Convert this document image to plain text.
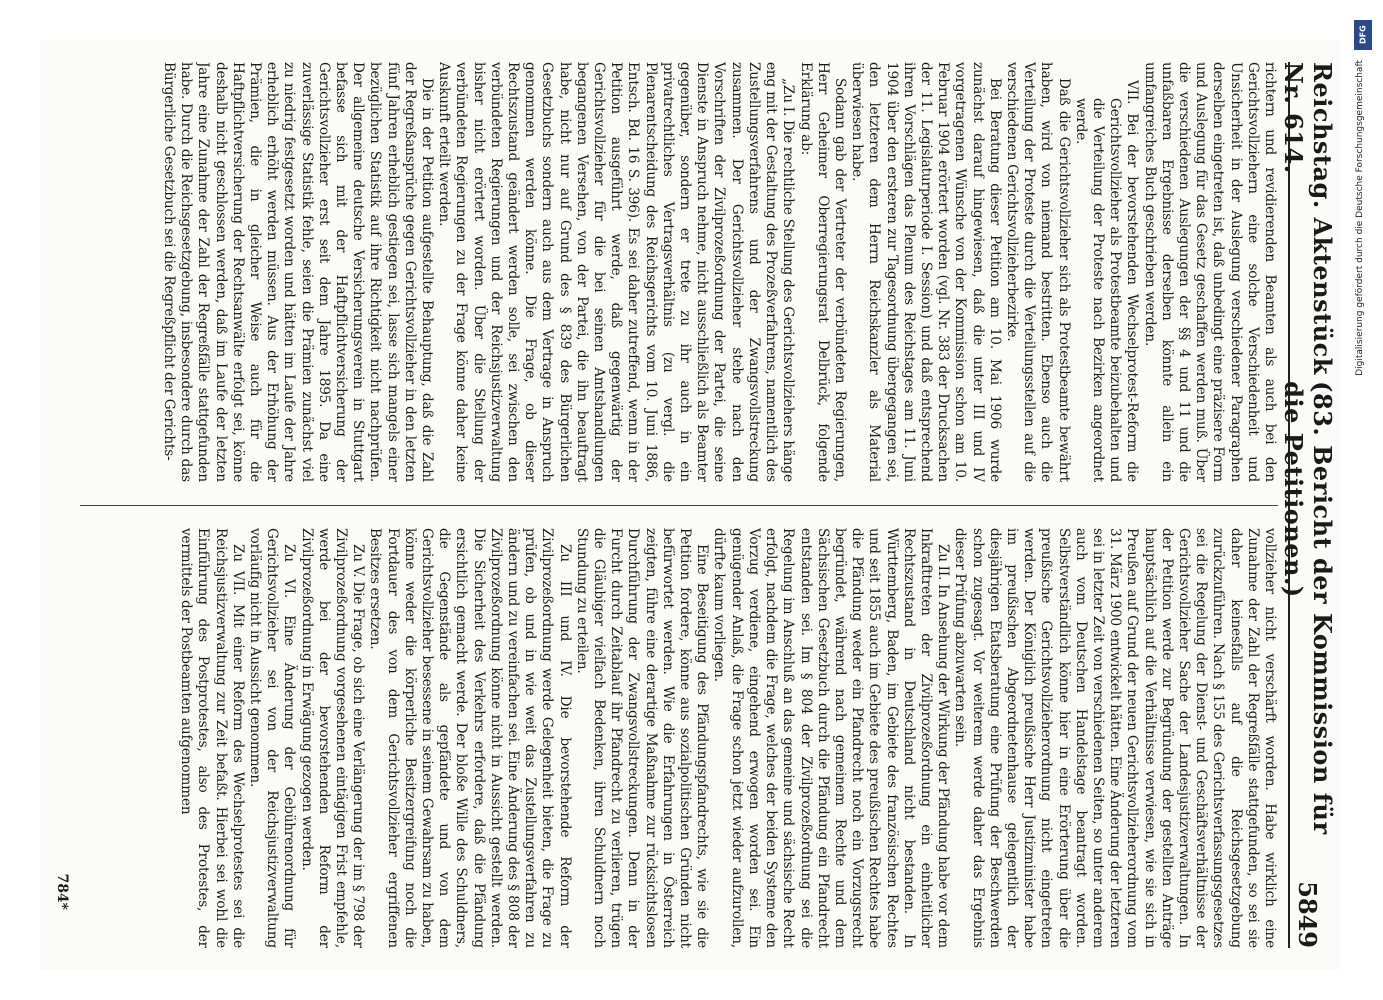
Reichstag. Aktenstück Nr. 614.
(83. Bericht der Kommission für die Petitionen.)
5849

richtern und revidierenden Beamten als auch bei den Gerichtsvollziehern eine solche Verschiedenheit und Unsicherheit in der Auslegung verschiedener Paragraphen derselben eingetreten ist, daß unbedingt eine präzisere Form und Auslegung für das Gesetz geschaffen werden muß. Über die verschiedenen Auslegungen der §§ 4 und 11 und die unfaßbaren Ergebnisse derselben könnte allein ein umfangreiches Buch geschrieben werden.

VII. Bei der bevorstehenden Wechselprotest-Reform die Gerichtsvollzieher als Protestbeamte beizubehalten und die Verteilung der Proteste nach Bezirken angeordnet werde.

Daß die Gerichtsvollzieher sich als Protestbeamte bewährt haben, wird von niemand bestritten. Ebenso auch die Verteilung der Proteste durch die Verteilungsstellen auf die verschiedenen Gerichtsvollzieherbezirke.

Bei Beratung dieser Petition am 10. Mai 1906 wurde zunächst darauf hingewiesen, daß die unter III und IV vorgetragenen Wünsche von der Kommission schon am 10. Februar 1904 erörtert worden (vgl. Nr. 383 der Drucksachen der 11. Legislaturperiode I. Session) und daß entsprechend ihren Vorschlägen das Plenum des Reichstages am 11. Juni 1904 über den ersteren zur Tagesordnung übergegangen sei, den letzteren dem Herrn Reichskanzler als Material überwiesen habe.

Sodann gab der Vertreter der verbündeten Regierungen, Herr Geheimer Oberregierungsrat Delbrück, folgende Erklärung ab:

„Zu I. Die rechtliche Stellung des Gerichtsvollziehers hänge eng mit der Gestaltung des Prozeßverfahrens, namentlich des Zustellungsverfahrens und der Zwangsvollstreckung zusammen. Der Gerichtsvollzieher stehe nach den Vorschriften der Zivilprozeßordnung der Partei, die seine Dienste in Anspruch nehme, nicht ausschließlich als Beamter gegenüber, sondern er trete zu ihr auch in ein privatrechtliches Vertragsverhältnis (zu vergl. die Plenarentscheidung des Reichsgerichts vom 10. Juni 1886, Entsch. Bd. 16 S. 396). Es sei daher zutreffend, wenn in der Petition ausgeführt werde, daß gegenwärtig der Gerichtsvollzieher für die bei seinen Amtshandlungen begangenen Versehen, von der Partei, die ihn beauftragt habe, nicht nur auf Grund des § 839 des Bürgerlichen Gesetzbuchs sondern auch aus dem Vertrage in Anspruch genommen werden könne. Die Frage, ob dieser Rechtszustand geändert werden solle, sei zwischen den verbündeten Regierungen und der Reichsjustizverwaltung bisher nicht erörtert worden. Über die Stellung der verbündeten Regierungen zu der Frage könne daher keine Auskunft erteilt werden.

Die in der Petition aufgestellte Behauptung, daß die Zahl der Regreßansprüche gegen Gerichtsvollzieher in den letzten fünf Jahren erheblich gestiegen sei, lasse sich mangels einer bezüglichen Statistik auf ihre Richtigkeit nicht nachprüfen. Der allgemeine deutsche Versicherungsverein in Stuttgart befasse sich mit der Haftpflichtversicherung der Gerichtsvollzieher erst seit dem Jahre 1895. Da eine zuverlässige Statistik fehle, seien die Prämien zunächst viel zu niedrig festgesetzt worden und hätten im Laufe der Jahre erheblich erhöht werden müssen. Aus der Erhöhung der Prämien, die in gleicher Weise auch für die Haftpflichtversicherung der Rechtsanwälte erfolgt sei, könne deshalb nicht geschlossen werden, daß im Laufe der letzten Jahre eine Zunahme der Zahl der Regreßfälle stattgefunden habe. Durch die Reichsgesetzgebung, insbesondere durch das Bürgerliche Gesetzbuch sei die Regreßpflicht der Gerichts-

vollzieher nicht verschärft worden. Habe wirklich eine Zunahme der Zahl der Regreßfälle stattgefunden, so sei sie daher keinesfalls auf die Reichsgesetzgebung zurückzuführen. Nach § 155 des Gerichtsverfassungsgesetzes sei die Regelung der Dienst- und Geschäftsverhältnisse der Gerichtsvollzieher Sache der Landesjustizverwaltungen. In der Petition werde zur Begründung der gestellten Anträge hauptsächlich auf die Verhältnisse verwiesen, wie sie sich in Preußen auf Grund der neuen Gerichtsvollzieherordnung vom 31. März 1900 entwickelt hätten. Eine Änderung der letzteren sei in letzter Zeit von verschiedenen Seiten, so unter anderem auch vom Deutschen Handelstage beantragt worden. Selbstverständlich könne hier in eine Erörterung über die preußische Gerichtsvollzieherordnung nicht eingetreten werden. Der Königlich preußische Herr Justizminister habe im preußischen Abgeordnetenhause gelegentlich der diesjährigen Etatsberatung eine Prüfung der Beschwerden schon zugesagt. Vor weiterem werde daher das Ergebnis dieser Prüfung abzuwarten sein.

Zu II. In Ansehung der Wirkung der Pfändung habe vor dem Inkrafttreten der Zivilprozeßordnung ein einheitlicher Rechtszustand in Deutschland nicht bestanden. In Württemberg, Baden, im Gebiete des französischen Rechtes und seit 1855 auch im Gebiete des preußischen Rechtes habe die Pfändung weder ein Pfandrecht noch ein Vorzugsrecht begründet, während nach gemeinem Rechte und dem Sächsischen Gesetzbuch durch die Pfändung ein Pfandrecht entstanden sei. Im § 804 der Zivilprozeßordnung sei die Regelung im Anschluß an das gemeine und sächsische Recht erfolgt, nachdem die Frage, welches der beiden Systeme den Vorzug verdiene, eingehend erwogen worden sei. Ein genügender Anlaß, die Frage schon jetzt wieder aufzurollen, dürfte kaum vorliegen.

Eine Beseitigung des Pfändungspfandrechts, wie sie die Petition fordere, könne aus sozialpolitischen Gründen nicht befürwortet werden. Wie die Erfahrungen in Österreich zeigten, führe eine derartige Maßnahme zur rücksichtslosen Durchführung der Zwangsvollstreckungen. Denn in der Furcht durch Zeitablauf ihr Pfandrecht zu verlieren, trügen die Gläubiger vielfach Bedenken, ihren Schuldnern noch Stundung zu erteilen.

Zu III und IV. Die bevorstehende Reform der Zivilprozeßordnung werde Gelegenheit bieten, die Frage zu prüfen, ob und in wie weit das Zustellungsverfahren zu ändern und zu vereinfachen sei. Eine Änderung des § 808 der Zivilprozeßordnung könne nicht in Aussicht gestellt werden. Die Sicherheit des Verkehrs erfordere, daß die Pfändung ersichtlich gemacht werde. Der bloße Wille des Schuldners, die Gegenstände als gepfändete und von dem Gerichtsvollzieher besessene in seinem Gewahrsam zu haben, könne weder die körperliche Besitzergreifung noch die Fortdauer des von dem Gerichtsvollzieher ergriffenen Besitzes ersetzen.

Zu V. Die Frage, ob sich eine Verlängerung der im § 798 der Zivilprozeßordnung vorgesehenen eintägigen Frist empfehle, werde bei der bevorstehenden Reform der Zivilprozeßordnung in Erwägung gezogen werden.

Zu VI. Eine Änderung der Gebührenordnung für Gerichtsvollzieher sei von der Reichsjustizverwaltung vorläufig nicht in Aussicht genommen.

Zu VII. Mit einer Reform des Wechselprotestes sei die Reichsjustizverwaltung zur Zeit befaßt. Hierbei sei wohl die Einführung des Postprotestes, also des Protestes, der vermittels der Postbeamten aufgenommen

784*
DFG
Digitalisierung gefördert durch die Deutsche Forschungsgemeinschaft
